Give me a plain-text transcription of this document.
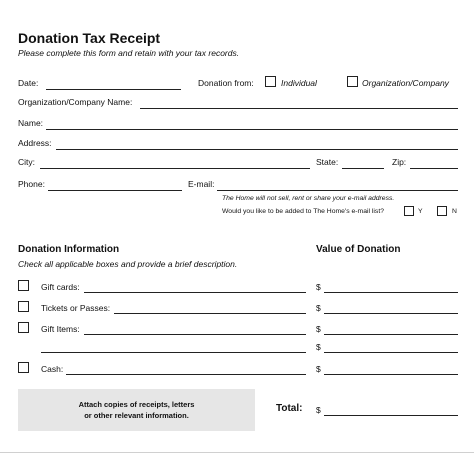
Donation Tax Receipt
Please complete this form and retain with your tax records.
Date:	Donation from:	Individual	Organization/Company
Organization/Company Name:
Name:
Address:
City:	State:	Zip:
Phone:	E-mail:
The Home will not sell, rent or share your e-mail address.
Would you like to be added to The Home's e-mail list?	Y	N
Donation Information
Check all applicable boxes and provide a brief description.
Value of Donation
Gift cards:	$
Tickets or Passes:	$
Gift Items:	$
$
Cash:	$
Attach copies of receipts, letters
or other relevant information.
Total: $
